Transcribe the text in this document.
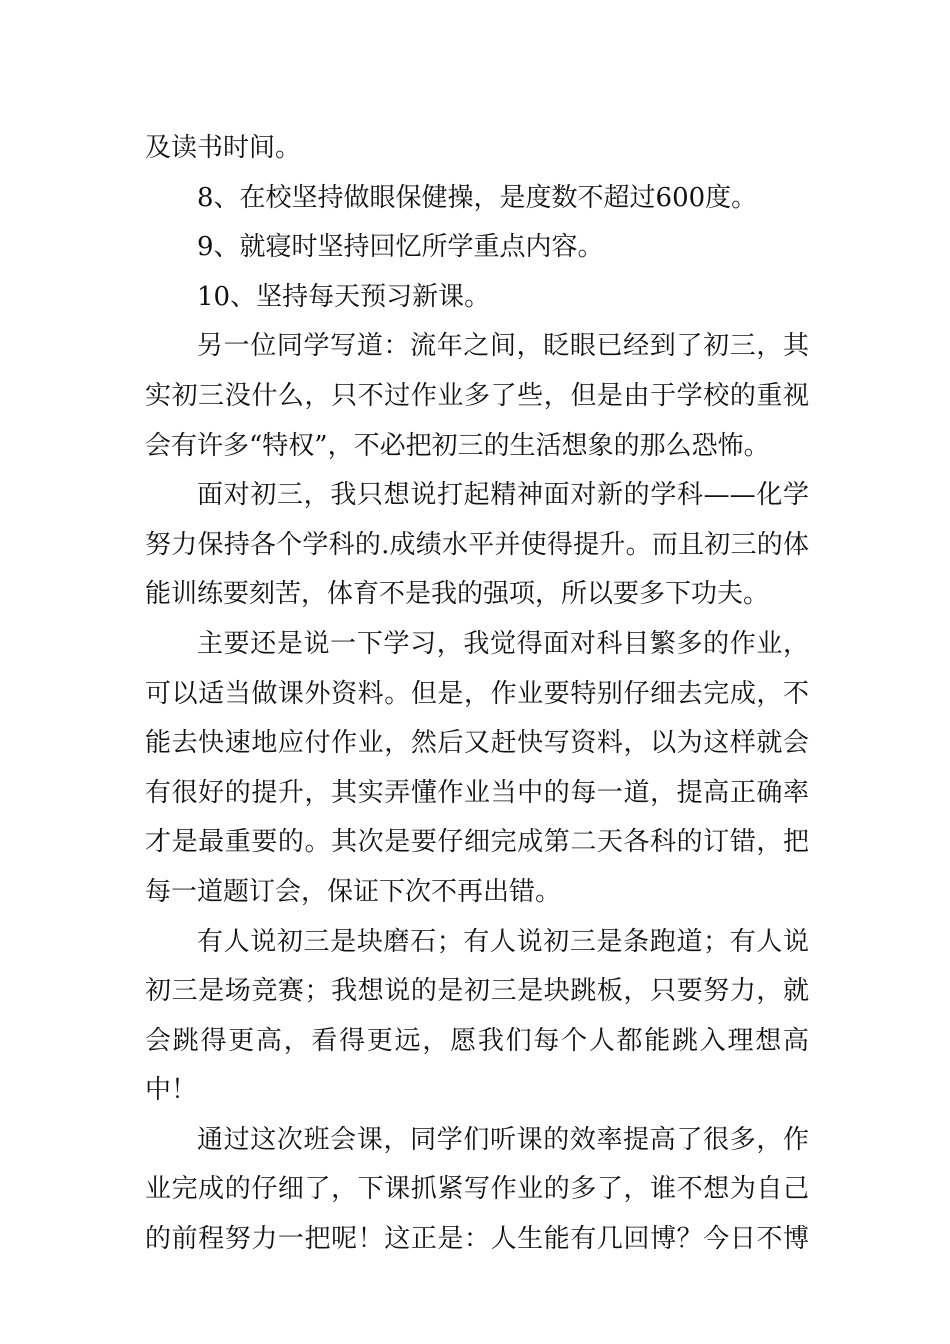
及读书时间。

8、在校坚持做眼保健操，是度数不超过600度。

9、就寝时坚持回忆所学重点内容。

10、坚持每天预习新课。

另一位同学写道：流年之间，眨眼已经到了初三，其实初三没什么，只不过作业多了些，但是由于学校的重视会有许多“特权”，不必把初三的生活想象的那么恐怖。

面对初三，我只想说打起精神面对新的学科——化学努力保持各个学科的.成绩水平并使得提升。而且初三的体能训练要刻苦，体育不是我的强项，所以要多下功夫。

主要还是说一下学习，我觉得面对科目繁多的作业，可以适当做课外资料。但是，作业要特别仔细去完成，不能去快速地应付作业，然后又赶快写资料，以为这样就会有很好的提升，其实弄懂作业当中的每一道，提高正确率才是最重要的。其次是要仔细完成第二天各科的订错，把每一道题订会，保证下次不再出错。

有人说初三是块磨石；有人说初三是条跑道；有人说初三是场竞赛；我想说的是初三是块跳板，只要努力，就会跳得更高，看得更远，愿我们每个人都能跳入理想高中！

通过这次班会课，同学们听课的效率提高了很多，作业完成的仔细了，下课抓紧写作业的多了，谁不想为自己的前程努力一把呢！这正是：人生能有几回博？今日不博
